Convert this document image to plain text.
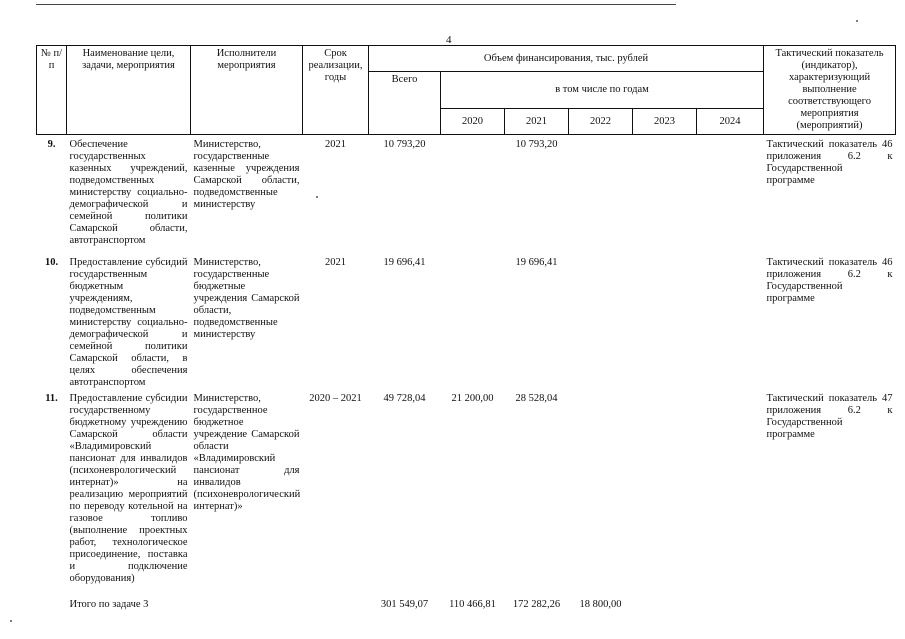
4
№ п/п	Наименование цели, задачи, мероприятия	Исполнители мероприятия	Срок реализации, годы	Объем финансирования, тыс. рублей						Тактический показатель (индикатор), характеризующий выполнение соответствующего мероприятия (мероприятий)
				Всего	в том числе по годам					
					2020	2021	2022	2023	2024	
9.	Обеспечение государственных казенных учреждений, подведомственных министерству социально-демографической и семейной политики Самарской области, автотранспортом	Министерство, государственные казенные учреждения Самарской области, подведомственные министерству	2021	10 793,20		10 793,20				Тактический показатель 46 приложения 6.2 к Государственной программе
10.	Предоставление субсидий государственным бюджетным учреждениям, подведомственным министерству социально-демографической и семейной политики Самарской области, в целях обеспечения автотранспортом	Министерство, государственные бюджетные учреждения Самарской области, подведомственные министерству	2021	19 696,41		19 696,41				Тактический показатель 46 приложения 6.2 к Государственной программе
11.	Предоставление субсидии государственному бюджетному учреждению Самарской области «Владимировский пансионат для инвалидов (психоневрологический интернат)» на реализацию мероприятий по переводу котельной на газовое топливо (выполнение проектных работ, технологическое присоединение, поставка и подключение оборудования)	Министерство, государственное бюджетное учреждение Самарской области «Владимировский пансионат для инвалидов (психоневрологический интернат)»	2020 – 2021	49 728,04	21 200,00	28 528,04				Тактический показатель 47 приложения 6.2 к Государственной программе
	Итого по задаче 3			301 549,07	110 466,81	172 282,26	18 800,00			
